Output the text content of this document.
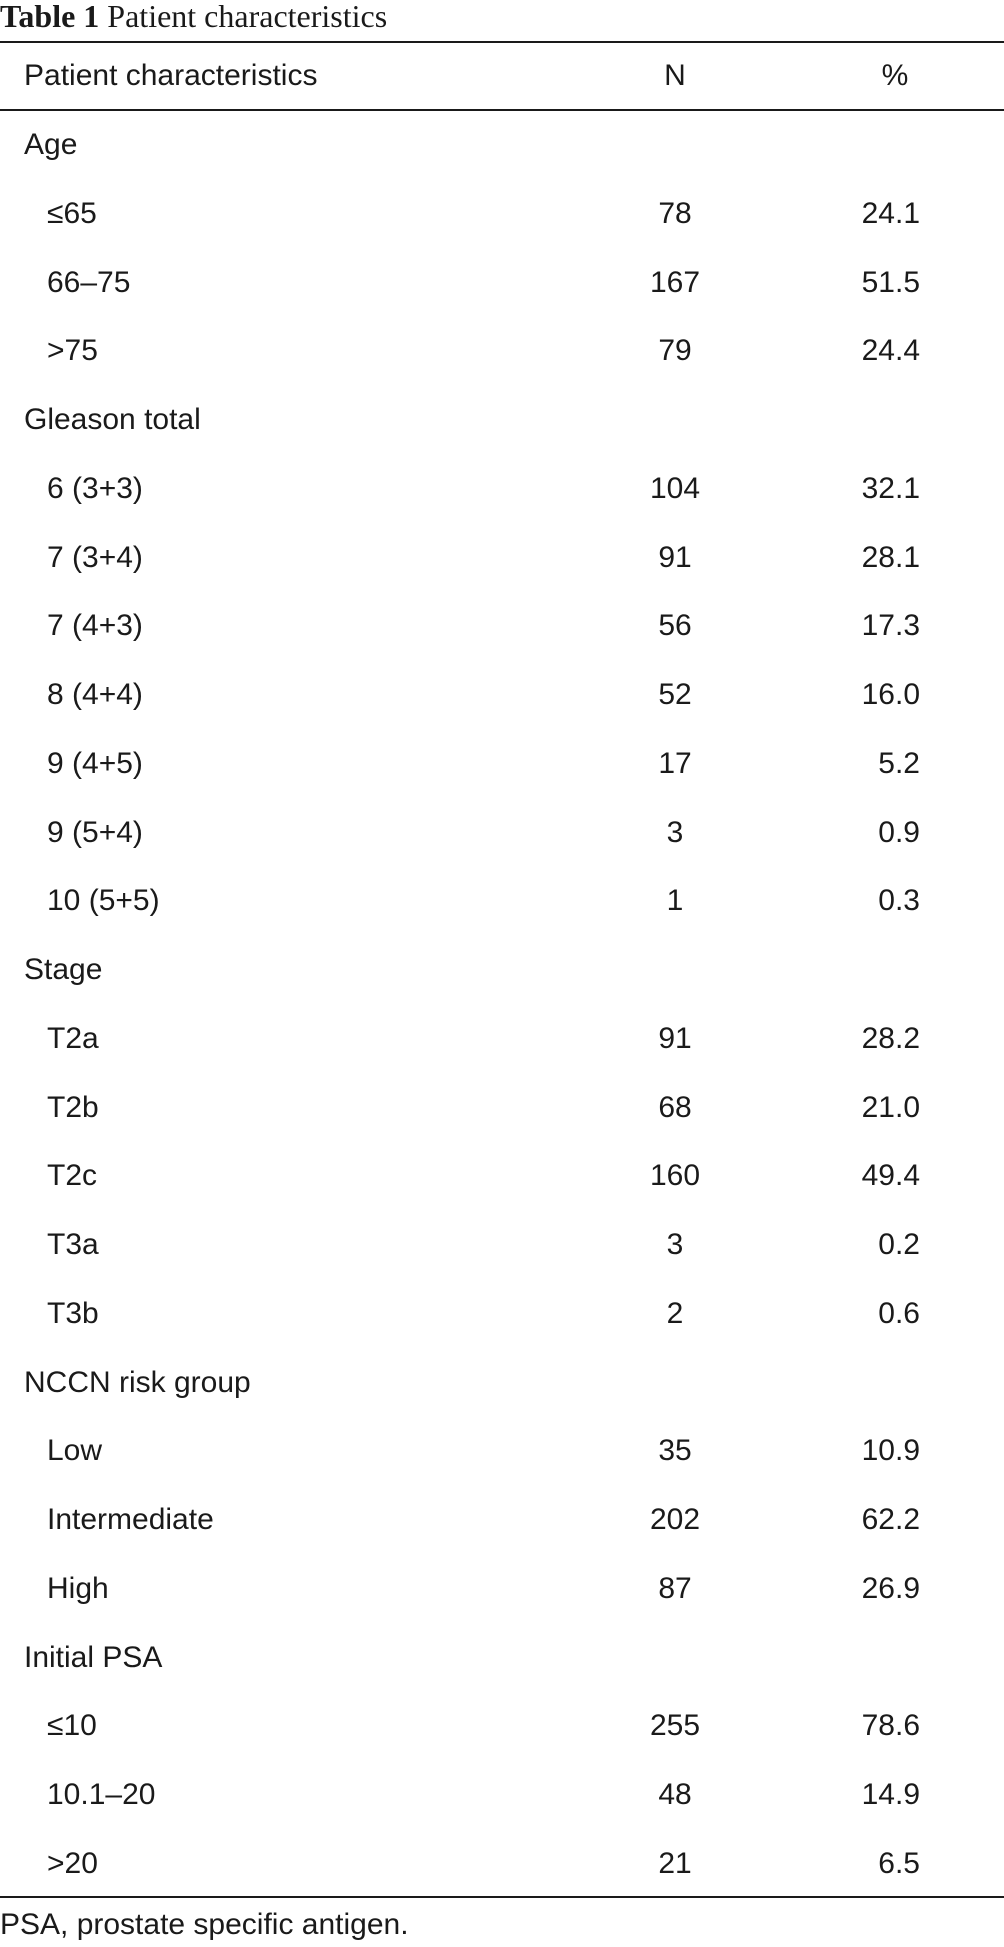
Table 1 Patient characteristics
Patient characteristics	N	%
Age
≤65	78	24.1
66–75	167	51.5
>75	79	24.4
Gleason total
6 (3+3)	104	32.1
7 (3+4)	91	28.1
7 (4+3)	56	17.3
8 (4+4)	52	16.0
9 (4+5)	17	5.2
9 (5+4)	3	0.9
10 (5+5)	1	0.3
Stage
T2a	91	28.2
T2b	68	21.0
T2c	160	49.4
T3a	3	0.2
T3b	2	0.6
NCCN risk group
Low	35	10.9
Intermediate	202	62.2
High	87	26.9
Initial PSA
≤10	255	78.6
10.1–20	48	14.9
>20	21	6.5
PSA, prostate specific antigen.
